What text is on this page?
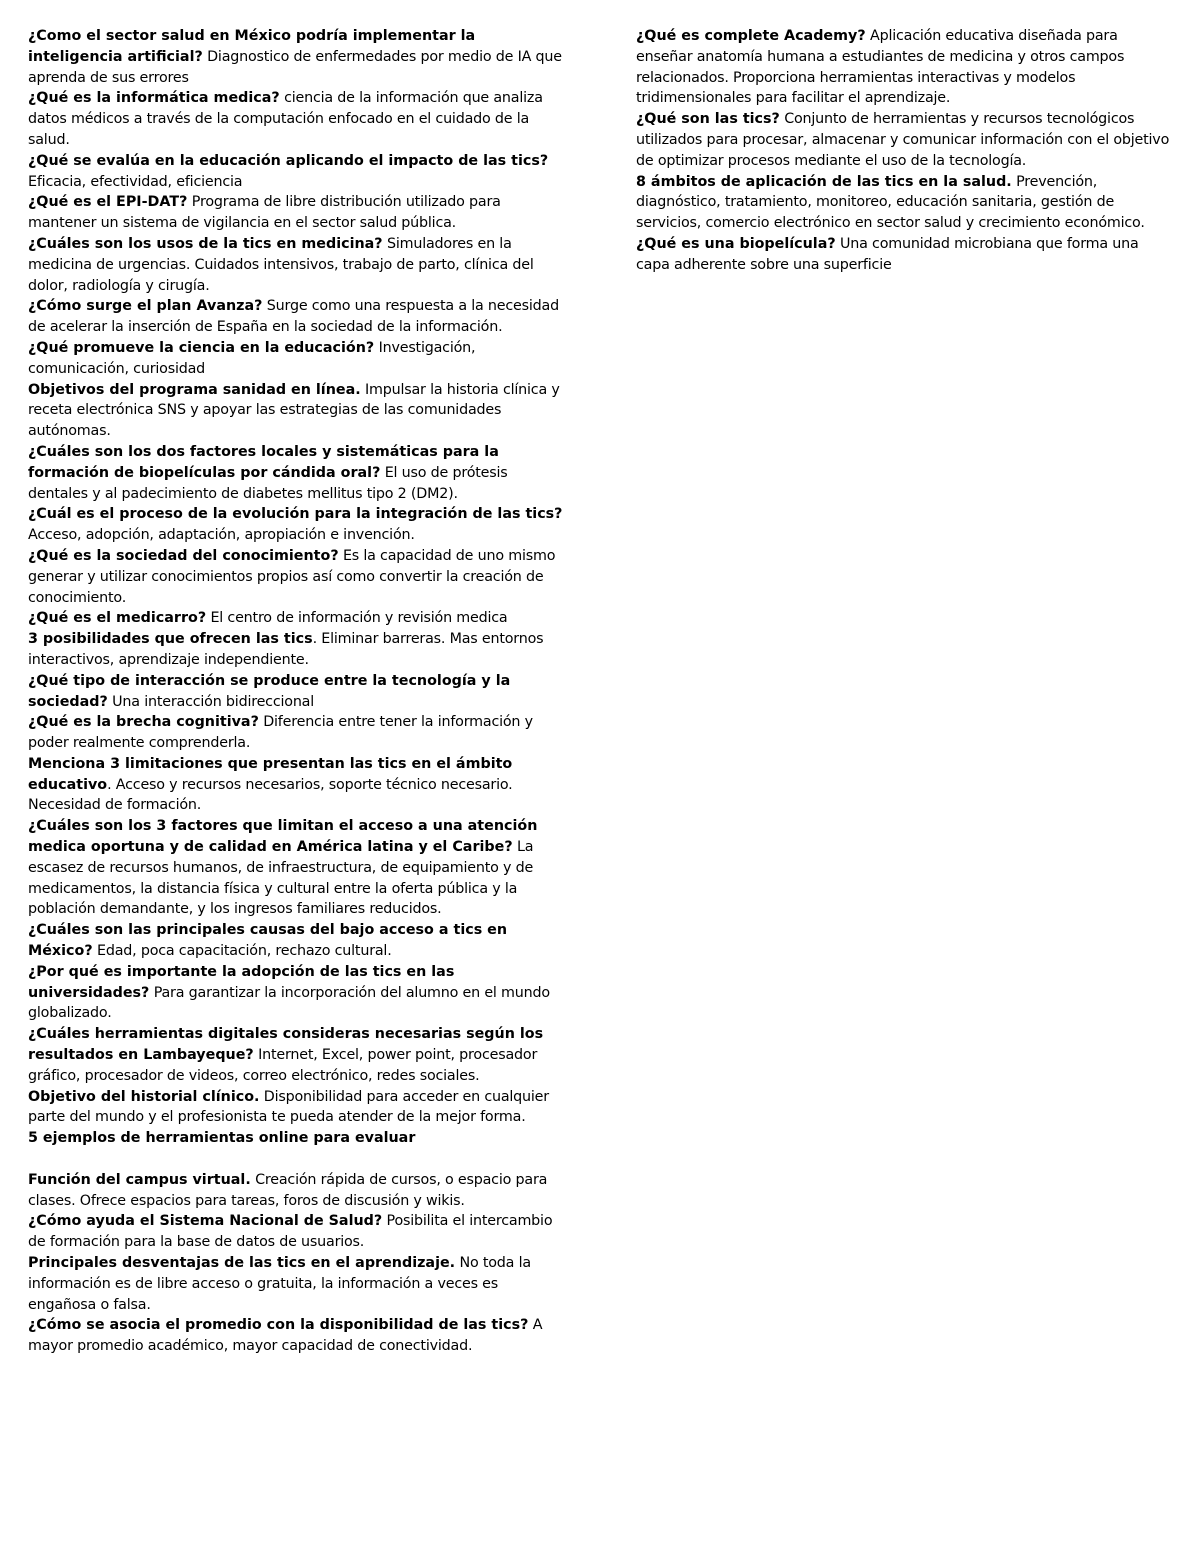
¿Como el sector salud en México podría implementar la inteligencia artificial? Diagnostico de enfermedades por medio de IA que aprenda de sus errores

¿Qué es la informática medica? ciencia de la información que analiza datos médicos a través de la computación enfocado en el cuidado de la salud.

¿Qué se evalúa en la educación aplicando el impacto de las tics? Eficacia, efectividad, eficiencia

¿Qué es el EPI-DAT? Programa de libre distribución utilizado para mantener un sistema de vigilancia en el sector salud pública.

¿Cuáles son los usos de la tics en medicina? Simuladores en la medicina de urgencias. Cuidados intensivos, trabajo de parto, clínica del dolor, radiología y cirugía.

¿Cómo surge el plan Avanza? Surge como una respuesta a la necesidad de acelerar la inserción de España en la sociedad de la información.

¿Qué promueve la ciencia en la educación? Investigación, comunicación, curiosidad

Objetivos del programa sanidad en línea. Impulsar la historia clínica y receta electrónica SNS y apoyar las estrategias de las comunidades autónomas.

¿Cuáles son los dos factores locales y sistemáticas para la formación de biopelículas por cándida oral? El uso de prótesis dentales y al padecimiento de diabetes mellitus tipo 2 (DM2).

¿Cuál es el proceso de la evolución para la integración de las tics? Acceso, adopción, adaptación, apropiación e invención.

¿Qué es la sociedad del conocimiento? Es la capacidad de uno mismo generar y utilizar conocimientos propios así como convertir la creación de conocimiento.

¿Qué es el medicarro? El centro de información y revisión medica

3 posibilidades que ofrecen las tics. Eliminar barreras. Mas entornos interactivos, aprendizaje independiente.

¿Qué tipo de interacción se produce entre la tecnología y la sociedad? Una interacción bidireccional

¿Qué es la brecha cognitiva? Diferencia entre tener la información y poder realmente comprenderla.

Menciona 3 limitaciones que presentan las tics en el ámbito educativo. Acceso y recursos necesarios, soporte técnico necesario. Necesidad de formación.

¿Cuáles son los 3 factores que limitan el acceso a una atención medica oportuna y de calidad en América latina y el Caribe? La escasez de recursos humanos, de infraestructura, de equipamiento y de medicamentos, la distancia física y cultural entre la oferta pública y la población demandante, y los ingresos familiares reducidos.

¿Cuáles son las principales causas del bajo acceso a tics en México? Edad, poca capacitación, rechazo cultural.

¿Por qué es importante la adopción de las tics en las universidades? Para garantizar la incorporación del alumno en el mundo globalizado.

¿Cuáles herramientas digitales consideras necesarias según los resultados en Lambayeque? Internet, Excel, power point, procesador gráfico, procesador de videos, correo electrónico, redes sociales.

Objetivo del historial clínico. Disponibilidad para acceder en cualquier parte del mundo y el profesionista te pueda atender de la mejor forma.

5 ejemplos de herramientas online para evaluar

Función del campus virtual. Creación rápida de cursos, o espacio para clases. Ofrece espacios para tareas, foros de discusión y wikis.

¿Cómo ayuda el Sistema Nacional de Salud? Posibilita el intercambio de formación para la base de datos de usuarios.

Principales desventajas de las tics en el aprendizaje. No toda la información es de libre acceso o gratuita, la información a veces es engañosa o falsa.

¿Cómo se asocia el promedio con la disponibilidad de las tics? A mayor promedio académico, mayor capacidad de conectividad.

¿Qué es complete Academy? Aplicación educativa diseñada para enseñar anatomía humana a estudiantes de medicina y otros campos relacionados. Proporciona herramientas interactivas y modelos tridimensionales para facilitar el aprendizaje.

¿Qué son las tics? Conjunto de herramientas y recursos tecnológicos utilizados para procesar, almacenar y comunicar información con el objetivo de optimizar procesos mediante el uso de la tecnología.

8 ámbitos de aplicación de las tics en la salud. Prevención, diagnóstico, tratamiento, monitoreo, educación sanitaria, gestión de servicios, comercio electrónico en sector salud y crecimiento económico.

¿Qué es una biopelícula? Una comunidad microbiana que forma una capa adherente sobre una superficie
